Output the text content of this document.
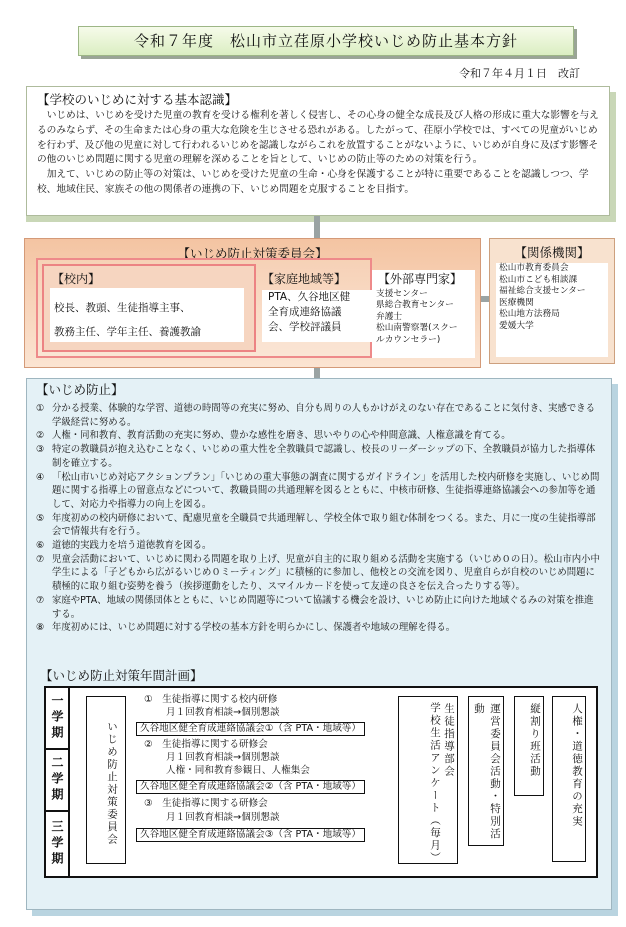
令和７年度　松山市立荏原小学校いじめ防止基本方針
令和７年４月１日　改訂
【学校のいじめに対する基本認識】

いじめは、いじめを受けた児童の教育を受ける権利を著しく侵害し、その心身の健全な成長及び人格の形成に重大な影響を与えるのみならず、その生命または心身の重大な危険を生じさせる恐れがある。したがって、荏原小学校では、すべての児童がいじめを行わず、及び他の児童に対して行われるいじめを認識しながらこれを放置することがないように、いじめが自身に及ぼす影響その他のいじめ問題に関する児童の理解を深めることを旨として、いじめの防止等のための対策を行う。

加えて、いじめの防止等の対策は、いじめを受けた児童の生命・心身を保護することが特に重要であることを認識しつつ、学校、地域住民、家族その他の関係者の連携の下、いじめ問題を克服することを目指す。

【いじめ防止対策委員会】
【校内】
校長、教頭、生徒指導主事、
教務主任、学年主任、養護教諭
【家庭地域等】
PTA、久谷地区健
全育成連絡協議
会、学校評議員
【外部専門家】
支援センター
県総合教育センター
弁護士
松山南警察署(スクー
ルカウンセラー)
【関係機関】
松山市教育委員会
松山市こども相談課
福祉総合支援センター
医療機関
松山地方法務局
愛媛大学
【いじめ防止】
① 分かる授業、体験的な学習、道徳の時間等の充実に努め、自分も周りの人もかけがえのない存在であることに気付き、実感できる学級経営に努める。
② 人権・同和教育、教育活動の充実に努め、豊かな感性を磨き、思いやりの心や仲間意識、人権意識を育てる。
③ 特定の教職員が抱え込むことなく、いじめの重大性を全教職員で認識し、校長のリーダーシップの下、全教職員が協力した指導体制を確立する。
④ 「松山市いじめ対応アクションプラン」「いじめの重大事態の調査に関するガイドライン」を活用した校内研修を実施し、いじめ問題に関する指導上の留意点などについて、教職員間の共通理解を図るとともに、中核市研修、生徒指導連絡協議会への参加等を通して、対応力や指導力の向上を図る。
⑤ 年度初めの校内研修において、配慮児童を全職員で共通理解し、学校全体で取り組む体制をつくる。また、月に一度の生徒指導部会で情報共有を行う。
⑥ 道徳的実践力を培う道徳教育を図る。
⑦ 児童会活動において、いじめに関わる問題を取り上げ、児童が自主的に取り組める活動を実施する（いじめ０の日）。松山市内小中学生による「子どもから広がるいじめ０ミーティング」に積極的に参加し、他校との交流を図り、児童自らが自校のいじめ問題に積極的に取り組む姿勢を養う（挨拶運動をしたり、スマイルカードを使って友達の良さを伝え合ったりする等）。
⑦ 家庭やPTA、地域の関係団体とともに、いじめ問題等について協議する機会を設け、いじめ防止に向けた地域ぐるみの対策を推進する。
⑧ 年度初めには、いじめ問題に対する学校の基本方針を明らかにし、保護者や地域の理解を得る。
【いじめ防止対策年間計画】
一学期
二学期
三学期	いじめ防止対策委員会
①　生徒指導に関する校内研修
月１回教育相談→個別懇談
久谷地区健全育成連絡協議会①（含 PTA・地域等）
②　生徒指導に関する研修会
月１回教育相談→個別懇談
人権・同和教育参観日、人権集会
久谷地区健全育成連絡協議会②（含 PTA・地域等）
③　生徒指導に関する研修会
月１回教育相談→個別懇談
久谷地区健全育成連絡協議会③（含 PTA・地域等）
生徒指導部会
学校生活アンケート（毎月）	運営委員会活動・特別活動	縦割り班活動	人権・道徳教育の充実
